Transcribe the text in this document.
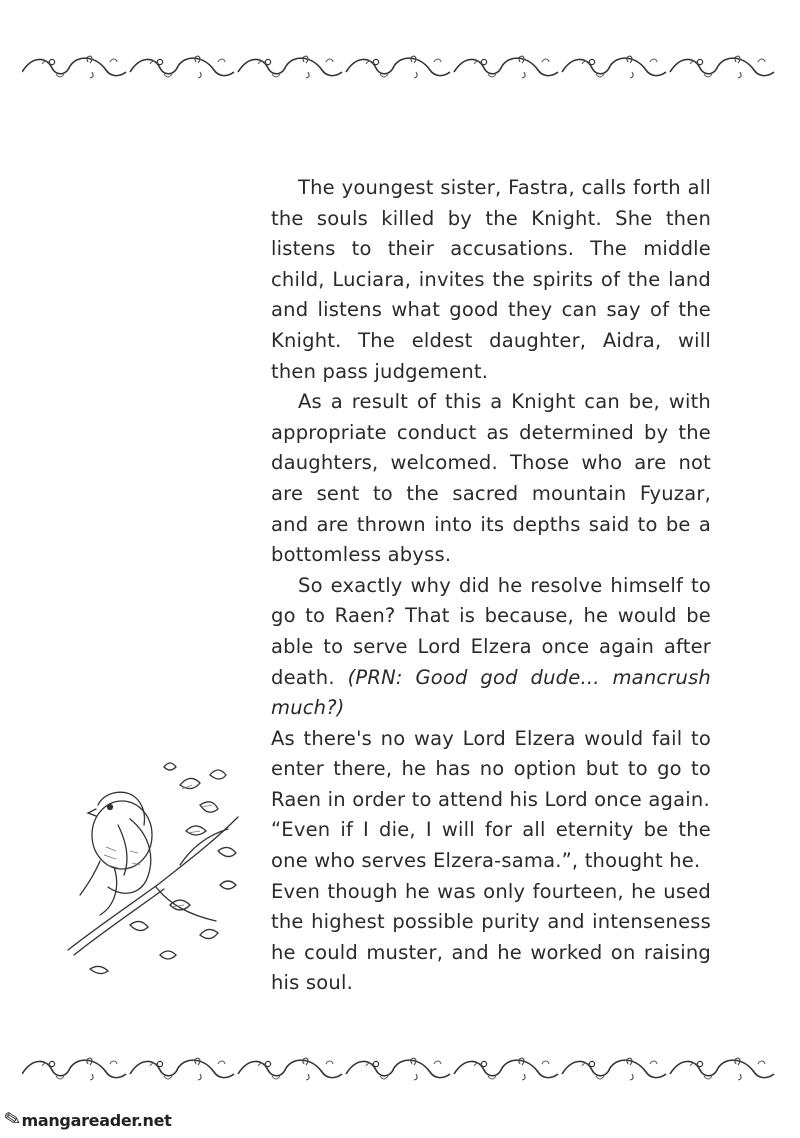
The youngest sister, Fastra, calls forth all the souls killed by the Knight. She then listens to their accusations. The middle child, Luciara, invites the spirits of the land and listens what good they can say of the Knight. The eldest daughter, Aidra, will then pass judgement.

As a result of this a Knight can be, with appropriate conduct as determined by the daughters, welcomed. Those who are not are sent to the sacred mountain Fyuzar, and are thrown into its depths said to be a bottomless abyss.

So exactly why did he resolve himself to go to Raen? That is because, he would be able to serve Lord Elzera once again after death. (PRN: Good god dude... mancrush much?)

As there's no way Lord Elzera would fail to enter there, he has no option but to go to Raen in order to attend his Lord once again.

“Even if I die, I will for all eternity be the one who serves Elzera-sama.”, thought he.

Even though he was only fourteen, he used the highest possible purity and intenseness he could muster, and he worked on raising his soul.

✎mangareader.net
